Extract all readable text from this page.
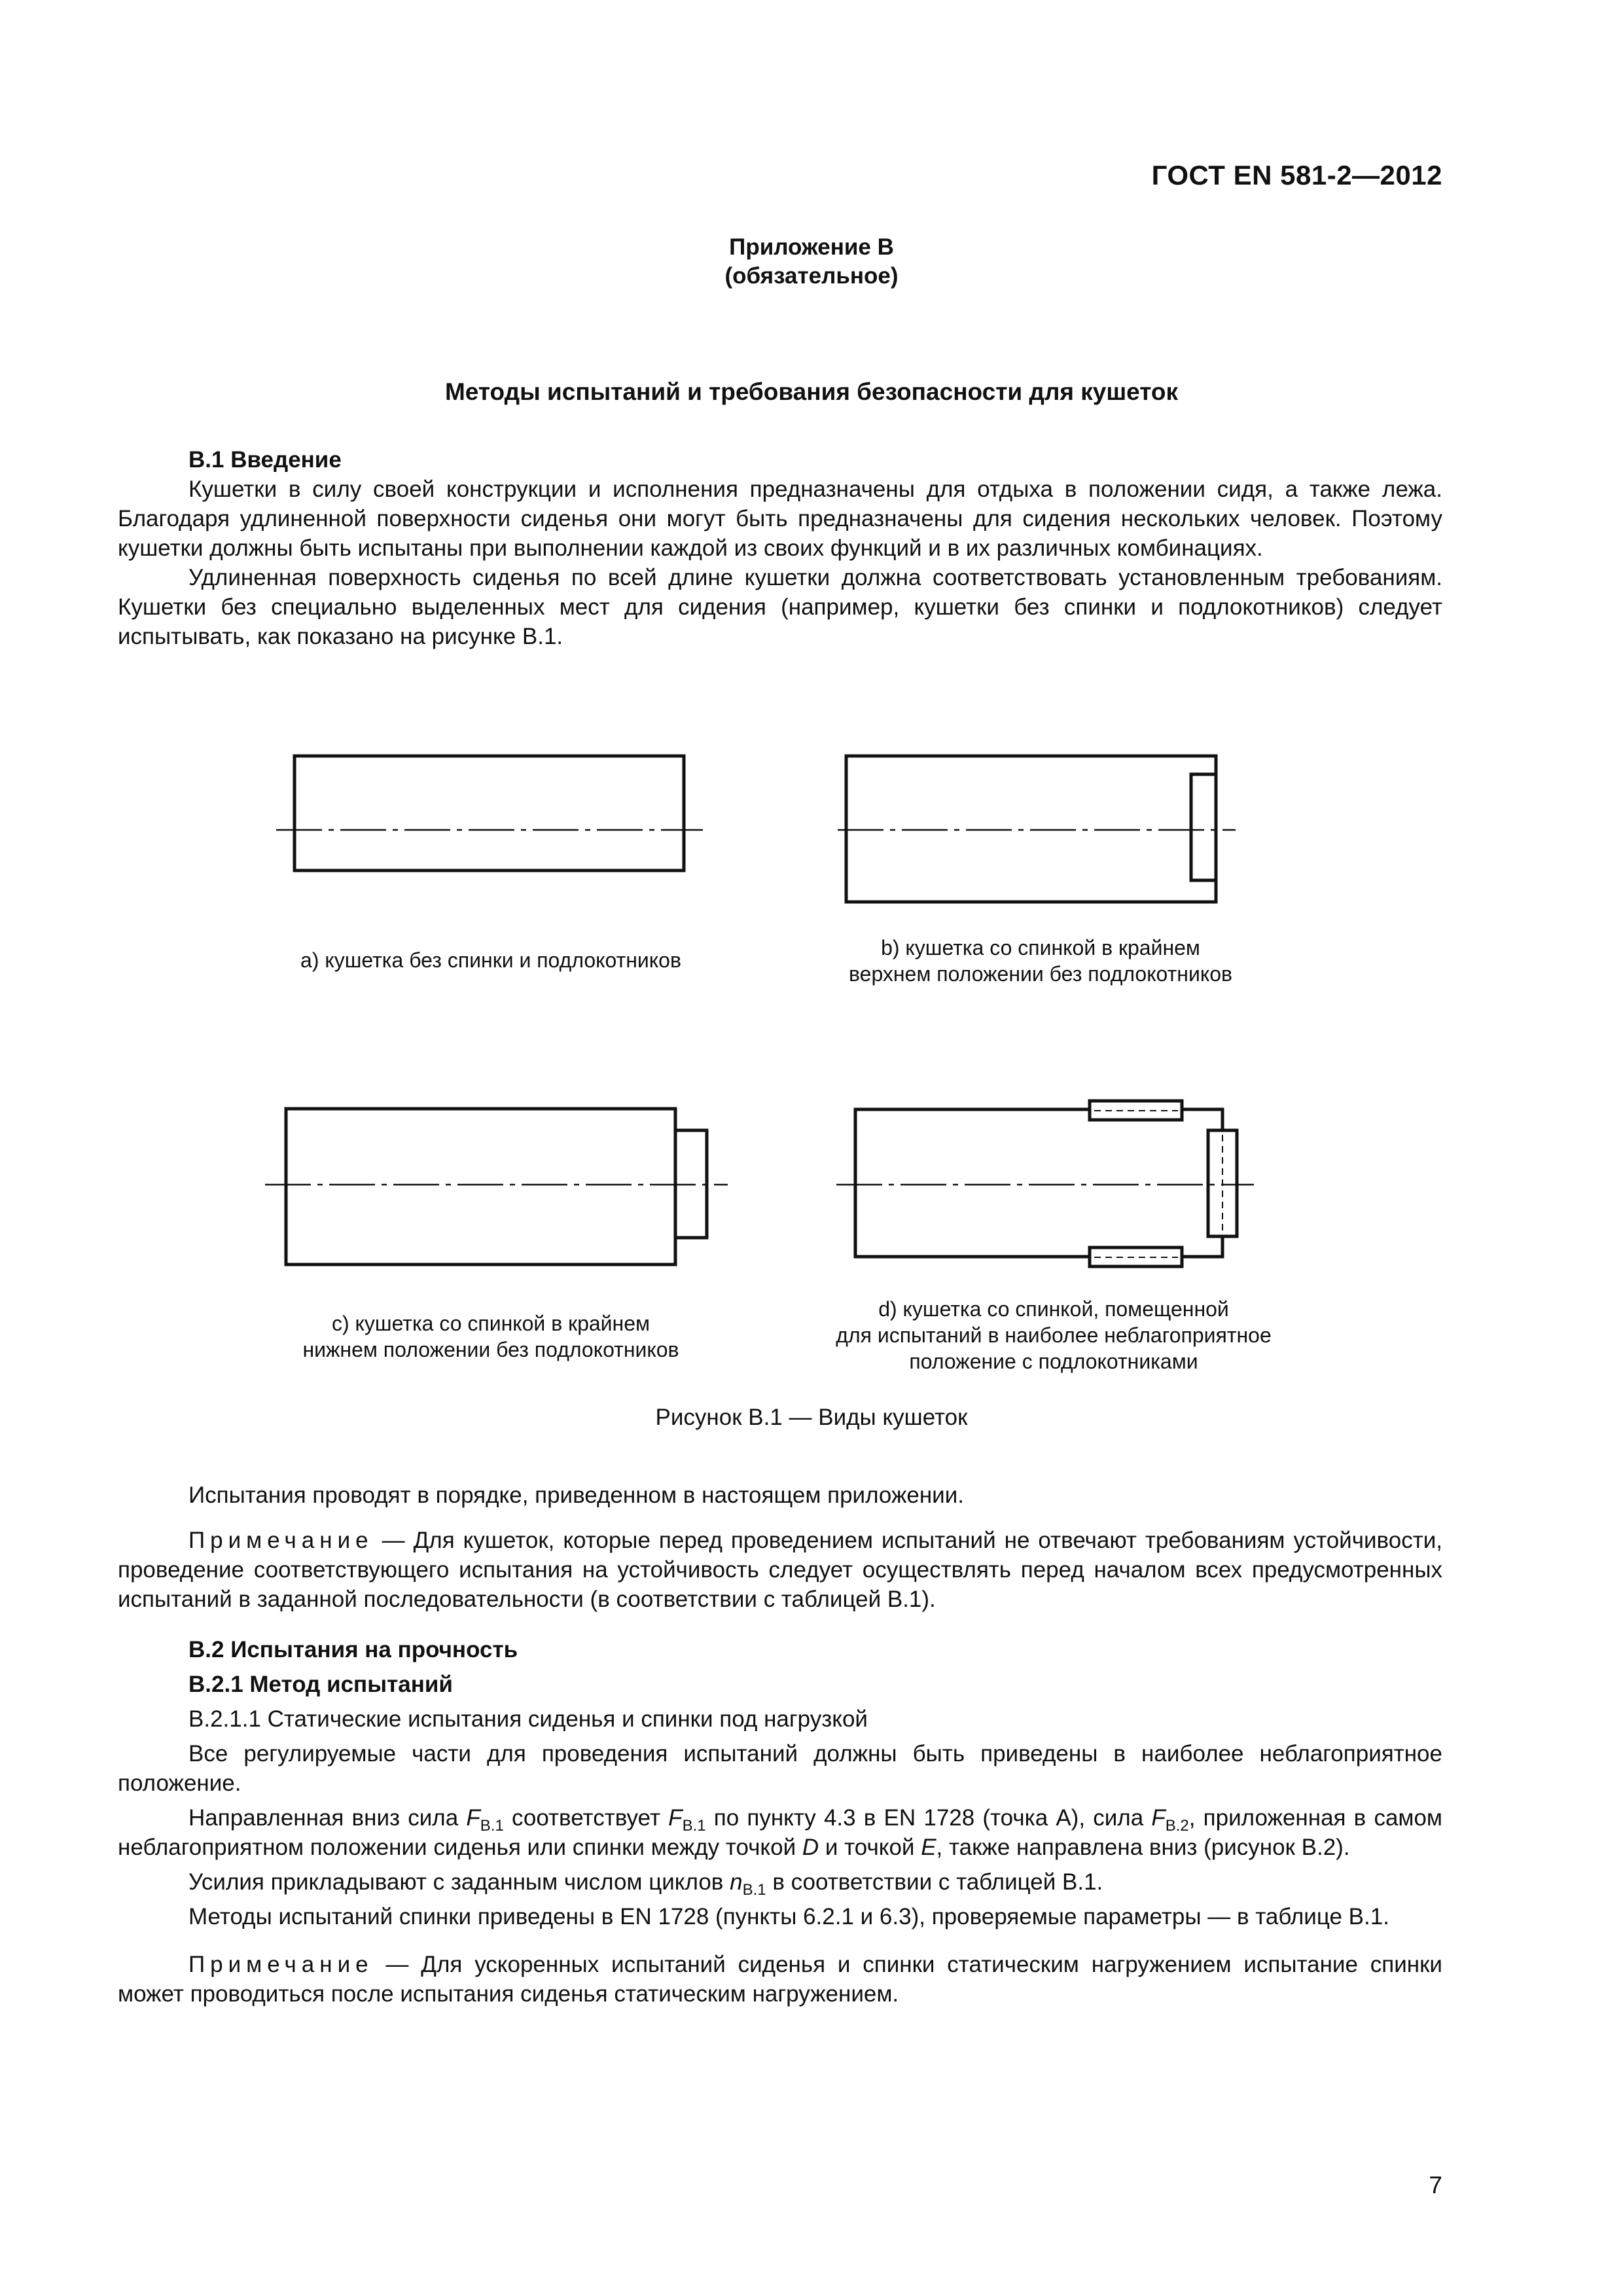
ГОСТ EN 581-2—2012
Приложение В
(обязательное)
Методы испытаний и требования безопасности для кушеток

В.1 Введение

Кушетки в силу своей конструкции и исполнения предназначены для отдыха в положении сидя, а также лежа. Благодаря удлиненной поверхности сиденья они могут быть предназначены для сидения нескольких человек. Поэтому кушетки должны быть испытаны при выполнении каждой из своих функций и в их различных комбинациях.

Удлиненная поверхность сиденья по всей длине кушетки должна соответствовать установленным требованиям. Кушетки без специально выделенных мест для сидения (например, кушетки без спинки и подлокотников) следует испытывать, как показано на рисунке В.1.

а) кушетка без спинки и подлокотников
b) кушетка со спинкой в крайнем
верхнем положении без подлокотников
с) кушетка со спинкой в крайнем
нижнем положении без подлокотников
d) кушетка со спинкой, помещенной
для испытаний в наиболее неблагоприятное
положение с подлокотниками
Рисунок В.1 — Виды кушеток

Испытания проводят в порядке, приведенном в настоящем приложении.

Примечание — Для кушеток, которые перед проведением испытаний не отвечают требованиям устойчивости, проведение соответствующего испытания на устойчивость следует осуществлять перед началом всех предусмотренных испытаний в заданной последовательности (в соответствии с таблицей В.1).

В.2 Испытания на прочность

В.2.1 Метод испытаний

В.2.1.1 Статические испытания сиденья и спинки под нагрузкой

Все регулируемые части для проведения испытаний должны быть приведены в наиболее неблагоприятное положение.

Направленная вниз сила $F_{В.1}$ соответствует $F_{В.1}$ по пункту 4.3 в EN 1728 (точка А), сила $F_{В.2}$, приложенная в самом неблагоприятном положении сиденья или спинки между точкой D и точкой E, также направлена вниз (рисунок В.2).

Усилия прикладывают с заданным числом циклов $n_{В.1}$ в соответствии с таблицей В.1.

Методы испытаний спинки приведены в EN 1728 (пункты 6.2.1 и 6.3), проверяемые параметры — в таблице В.1.

Примечание — Для ускоренных испытаний сиденья и спинки статическим нагружением испытание спинки может проводиться после испытания сиденья статическим нагружением.

7
